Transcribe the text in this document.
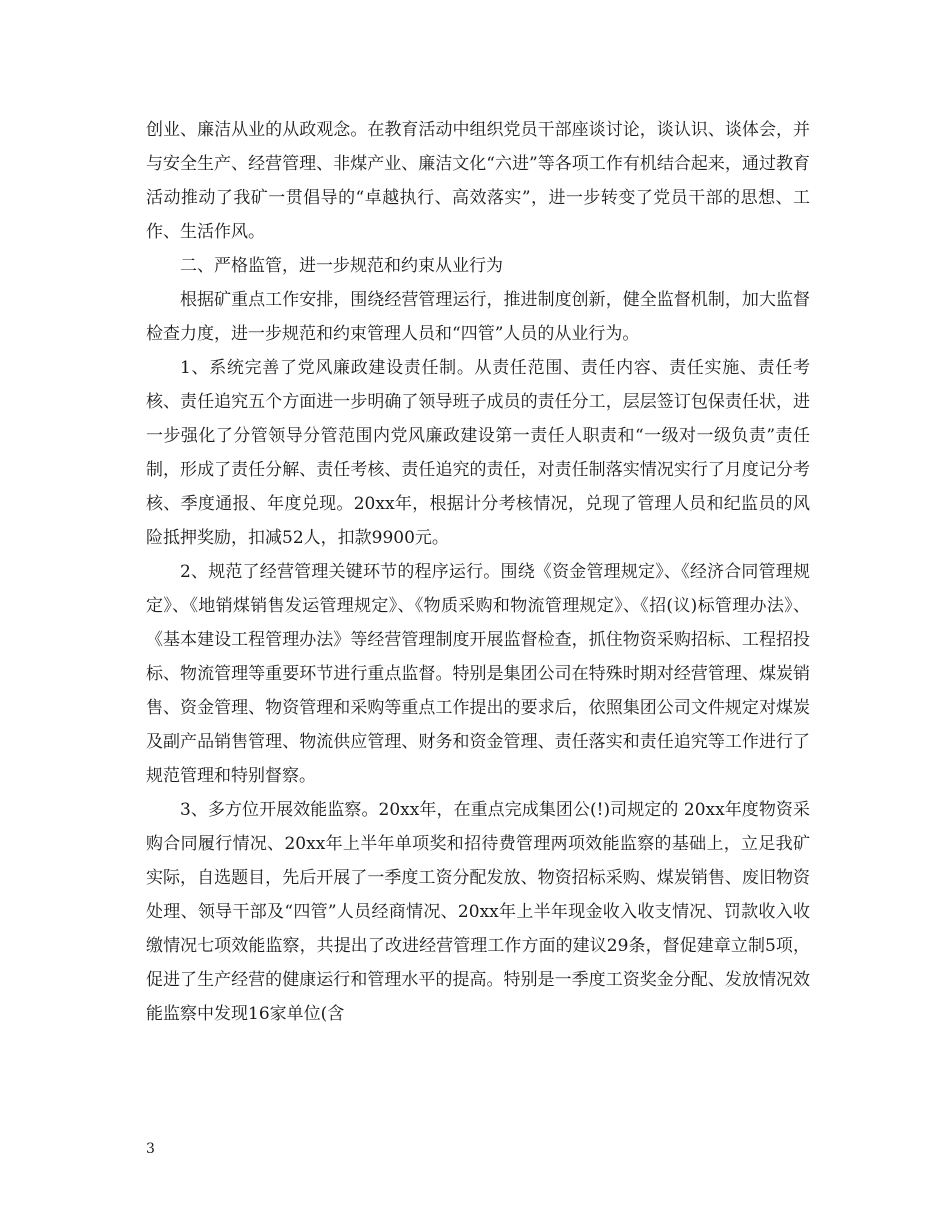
创业、廉洁从业的从政观念。在教育活动中组织党员干部座谈讨论，谈认识、谈体会，并与安全生产、经营管理、非煤产业、廉洁文化“六进”等各项工作有机结合起来，通过教育活动推动了我矿一贯倡导的“卓越执行、高效落实”，进一步转变了党员干部的思想、工作、生活作风。

二、严格监管，进一步规范和约束从业行为

根据矿重点工作安排，围绕经营管理运行，推进制度创新，健全监督机制，加大监督检查力度，进一步规范和约束管理人员和“四管”人员的从业行为。

1、系统完善了党风廉政建设责任制。从责任范围、责任内容、责任实施、责任考核、责任追究五个方面进一步明确了领导班子成员的责任分工，层层签订包保责任状，进一步强化了分管领导分管范围内党风廉政建设第一责任人职责和“一级对一级负责”责任制，形成了责任分解、责任考核、责任追究的责任，对责任制落实情况实行了月度记分考核、季度通报、年度兑现。20xx年，根据计分考核情况，兑现了管理人员和纪监员的风险抵押奖励，扣减52人，扣款9900元。

2、规范了经营管理关键环节的程序运行。围绕《资金管理规定》、《经济合同管理规定》、《地销煤销售发运管理规定》、《物质采购和物流管理规定》、《招(议)标管理办法》、《基本建设工程管理办法》等经营管理制度开展监督检查，抓住物资采购招标、工程招投标、物流管理等重要环节进行重点监督。特别是集团公司在特殊时期对经营管理、煤炭销售、资金管理、物资管理和采购等重点工作提出的要求后，依照集团公司文件规定对煤炭及副产品销售管理、物流供应管理、财务和资金管理、责任落实和责任追究等工作进行了规范管理和特别督察。

3、多方位开展效能监察。20xx年，在重点完成集团公(!)司规定的 20xx年度物资采购合同履行情况、20xx年上半年单项奖和招待费管理两项效能监察的基础上，立足我矿实际，自选题目，先后开展了一季度工资分配发放、物资招标采购、煤炭销售、废旧物资处理、领导干部及“四管”人员经商情况、20xx年上半年现金收入收支情况、罚款收入收缴情况七项效能监察，共提出了改进经营管理工作方面的建议29条，督促建章立制5项，促进了生产经营的健康运行和管理水平的提高。特别是一季度工资奖金分配、发放情况效能监察中发现16家单位(含

3
